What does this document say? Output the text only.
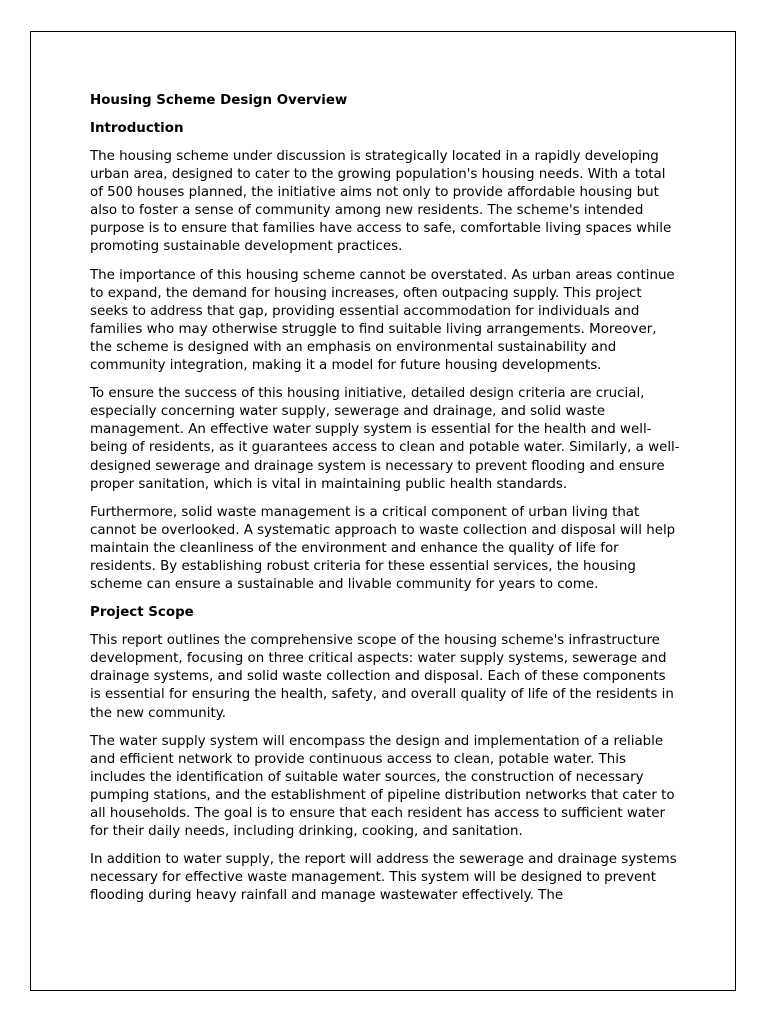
Housing Scheme Design Overview
Introduction

The housing scheme under discussion is strategically located in a rapidly developing urban area, designed to cater to the growing population's housing needs. With a total of 500 houses planned, the initiative aims not only to provide affordable housing but also to foster a sense of community among new residents. The scheme's intended purpose is to ensure that families have access to safe, comfortable living spaces while promoting sustainable development practices.

The importance of this housing scheme cannot be overstated. As urban areas continue to expand, the demand for housing increases, often outpacing supply. This project seeks to address that gap, providing essential accommodation for individuals and families who may otherwise struggle to find suitable living arrangements. Moreover, the scheme is designed with an emphasis on environmental sustainability and community integration, making it a model for future housing developments.

To ensure the success of this housing initiative, detailed design criteria are crucial, especially concerning water supply, sewerage and drainage, and solid waste management. An effective water supply system is essential for the health and well-being of residents, as it guarantees access to clean and potable water. Similarly, a well-designed sewerage and drainage system is necessary to prevent flooding and ensure proper sanitation, which is vital in maintaining public health standards.

Furthermore, solid waste management is a critical component of urban living that cannot be overlooked. A systematic approach to waste collection and disposal will help maintain the cleanliness of the environment and enhance the quality of life for residents. By establishing robust criteria for these essential services, the housing scheme can ensure a sustainable and livable community for years to come.

Project Scope

This report outlines the comprehensive scope of the housing scheme's infrastructure development, focusing on three critical aspects: water supply systems, sewerage and drainage systems, and solid waste collection and disposal. Each of these components is essential for ensuring the health, safety, and overall quality of life of the residents in the new community.

The water supply system will encompass the design and implementation of a reliable and efficient network to provide continuous access to clean, potable water. This includes the identification of suitable water sources, the construction of necessary pumping stations, and the establishment of pipeline distribution networks that cater to all households. The goal is to ensure that each resident has access to sufficient water for their daily needs, including drinking, cooking, and sanitation.

In addition to water supply, the report will address the sewerage and drainage systems necessary for effective waste management. This system will be designed to prevent flooding during heavy rainfall and manage wastewater effectively. The
